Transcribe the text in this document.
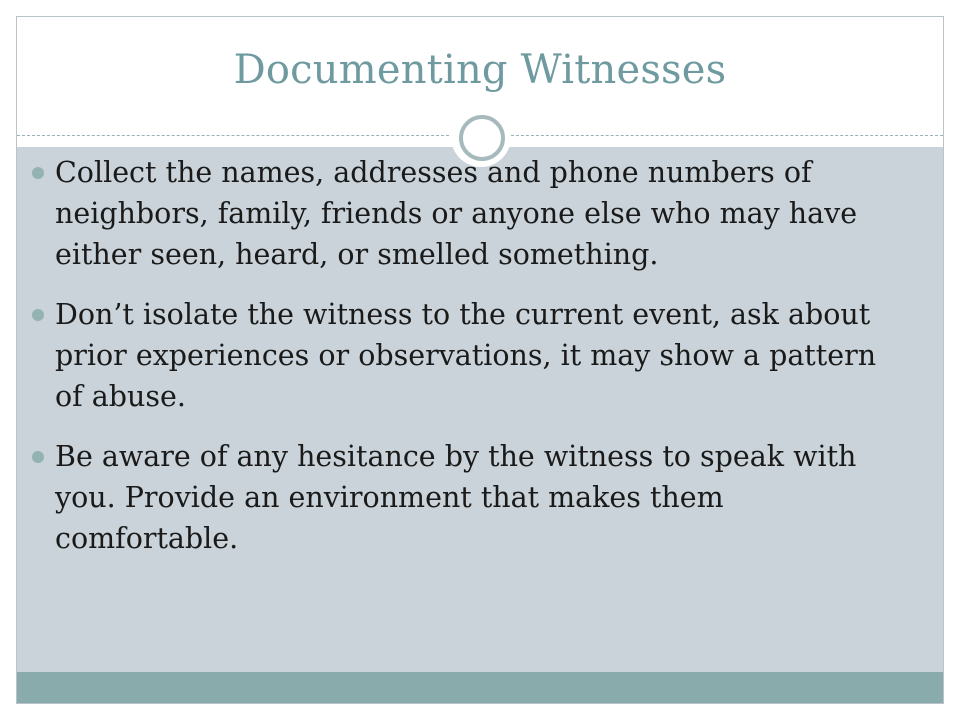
Documenting Witnesses
Collect the names, addresses and phone numbers of neighbors, family, friends or anyone else who may have either seen, heard, or smelled something.
Don’t isolate the witness to the current event, ask about prior experiences or observations, it may show a pattern of abuse.
Be aware of any hesitance by the witness to speak with you. Provide an environment that makes them comfortable.
